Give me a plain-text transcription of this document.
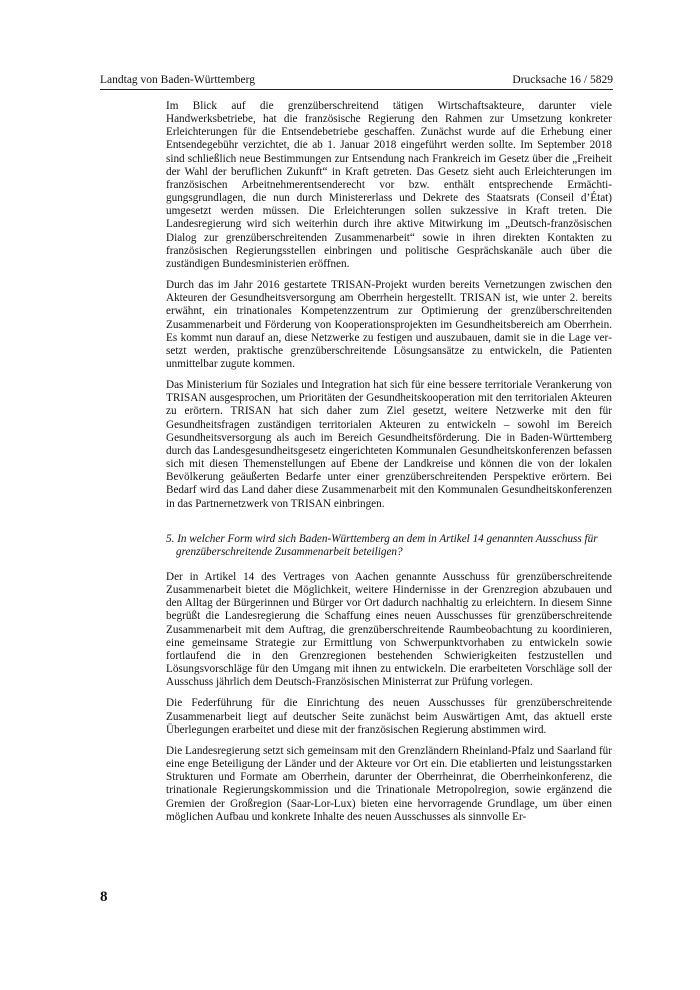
Landtag von Baden-Württemberg	Drucksache 16 / 5829

Im Blick auf die grenzüberschreitend tätigen Wirtschaftsakteure, darunter viele Handwerksbetriebe, hat die französische Regierung den Rahmen zur Umsetzung konkreter Erleichterungen für die Entsendebetriebe geschaffen. Zunächst wurde auf die Erhebung einer Entsendegebühr verzichtet, die ab 1. Januar 2018 eingeführt werden sollte. Im September 2018 sind schließlich neue Bestimmungen zur Entsendung nach Frankreich im Gesetz über die „Freiheit der Wahl der beruflichen Zukunft“ in Kraft getreten. Das Gesetz sieht auch Erleichterungen im französischen Arbeitnehmerentsenderecht vor bzw. enthält entsprechende Ermächtigungsgrundlagen, die nun durch Ministererlass und Dekrete des Staatsrats (Conseil d’État) umgesetzt werden müssen. Die Erleichterungen sollen sukzessive in Kraft treten. Die Landesregierung wird sich weiterhin durch ihre aktive Mitwirkung im „Deutsch-französischen Dialog zur grenzüberschreitenden Zusammenarbeit“ sowie in ihren direkten Kontakten zu französischen Regierungsstellen einbringen und politische Gesprächskanäle auch über die zuständigen Bundesministerien eröffnen.

Durch das im Jahr 2016 gestartete TRISAN-Projekt wurden bereits Vernetzungen zwischen den Akteuren der Gesundheitsversorgung am Oberrhein hergestellt. TRISAN ist, wie unter 2. bereits erwähnt, ein trinationales Kompetenzzentrum zur Optimierung der grenzüberschreitenden Zusammenarbeit und Förderung von Kooperationsprojekten im Gesundheitsbereich am Oberrhein. Es kommt nun darauf an, diese Netzwerke zu festigen und auszubauen, damit sie in die Lage versetzt werden, praktische grenzüberschreitende Lösungsansätze zu entwickeln, die Patienten unmittelbar zugute kommen.

Das Ministerium für Soziales und Integration hat sich für eine bessere territoriale Verankerung von TRISAN ausgesprochen, um Prioritäten der Gesundheitskooperation mit den territorialen Akteuren zu erörtern. TRISAN hat sich daher zum Ziel gesetzt, weitere Netzwerke mit den für Gesundheitsfragen zuständigen territorialen Akteuren zu entwickeln – sowohl im Bereich Gesundheitsversorgung als auch im Bereich Gesundheitsförderung. Die in Baden-Württemberg durch das Landesgesundheitsgesetz eingerichteten Kommunalen Gesundheitskonferenzen befassen sich mit diesen Themenstellungen auf Ebene der Landkreise und können die von der lokalen Bevölkerung geäußerten Bedarfe unter einer grenzüberschreitenden Perspektive erörtern. Bei Bedarf wird das Land daher diese Zusammenarbeit mit den Kommunalen Gesundheitskonferenzen in das Partnernetzwerk von TRISAN einbringen.

5. In welcher Form wird sich Baden-Württemberg an dem in Artikel 14 genannten Ausschuss für grenzüberschreitende Zusammenarbeit beteiligen?

Der in Artikel 14 des Vertrages von Aachen genannte Ausschuss für grenzüberschreitende Zusammenarbeit bietet die Möglichkeit, weitere Hindernisse in der Grenzregion abzubauen und den Alltag der Bürgerinnen und Bürger vor Ort dadurch nachhaltig zu erleichtern. In diesem Sinne begrüßt die Landesregierung die Schaffung eines neuen Ausschusses für grenzüberschreitende Zusammenarbeit mit dem Auftrag, die grenzüberschreitende Raumbeobachtung zu koordinieren, eine gemeinsame Strategie zur Ermittlung von Schwerpunktvorhaben zu entwickeln sowie fortlaufend die in den Grenzregionen bestehenden Schwierigkeiten festzustellen und Lösungsvorschläge für den Umgang mit ihnen zu entwickeln. Die erarbeiteten Vorschläge soll der Ausschuss jährlich dem Deutsch-Französischen Ministerrat zur Prüfung vorlegen.

Die Federführung für die Einrichtung des neuen Ausschusses für grenzüberschreitende Zusammenarbeit liegt auf deutscher Seite zunächst beim Auswärtigen Amt, das aktuell erste Überlegungen erarbeitet und diese mit der französischen Regierung abstimmen wird.

Die Landesregierung setzt sich gemeinsam mit den Grenzländern Rheinland-Pfalz und Saarland für eine enge Beteiligung der Länder und der Akteure vor Ort ein. Die etablierten und leistungsstarken Strukturen und Formate am Oberrhein, darunter der Oberrheinrat, die Oberrheinkonferenz, die trinationale Regierungskommission und die Trinationale Metropolregion, sowie ergänzend die Gremien der Großregion (Saar-Lor-Lux) bieten eine hervorragende Grundlage, um über einen möglichen Aufbau und konkrete Inhalte des neuen Ausschusses als sinnvolle Er-

8
